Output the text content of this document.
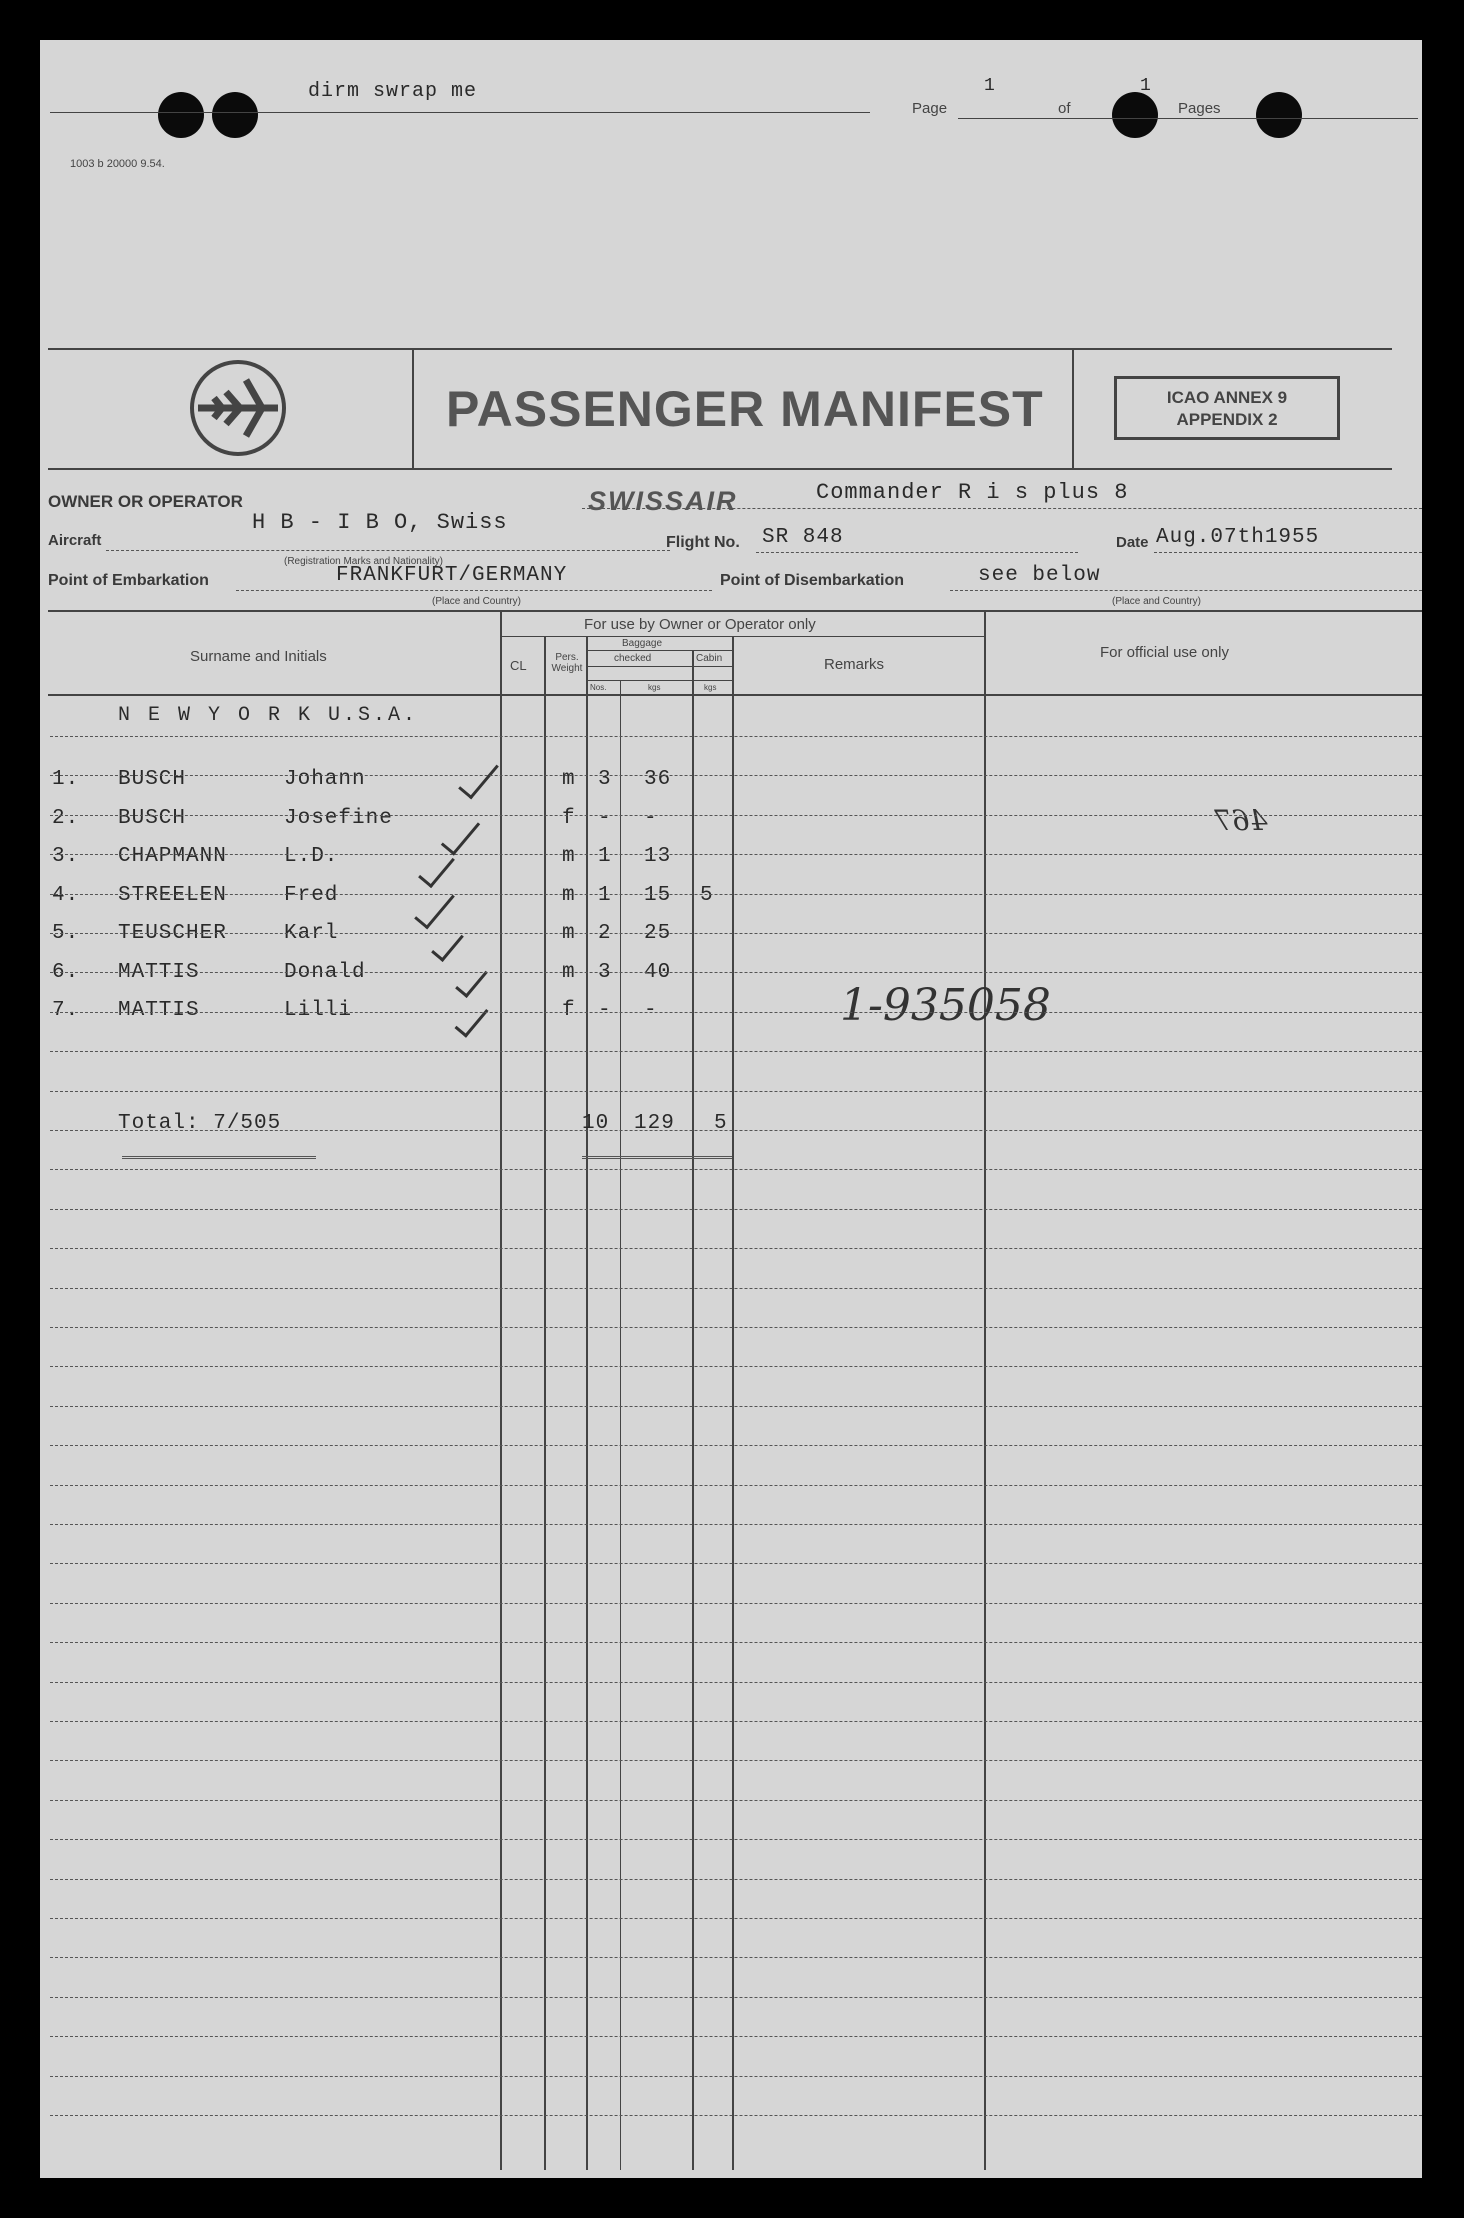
1003 b 20000 9.54.
dirm swrap me
Page
1
of
1
Pages
PASSENGER MANIFEST	ICAO ANNEX 9
APPENDIX 2
OWNER OR OPERATOR	SWISSAIR	Commander R i s plus 8
Aircraft
H B - I B O, Swiss
Flight No. SR 848	Date Aug.07th1955
(Registration Marks and Nationality)
Point of Embarkation	FRANKFURT/GERMANY
(Place and Country)
Point of Disembarkation	see below
(Place and Country)
Surname and Initials
For use by Owner or Operator only
CL
Pers. Weight
Baggage
checked	Cabin
Nos.	kgs	kgs
Remarks
For official use only
N E W Y O R K U.S.A.
1. BUSCH	Johann	m 3 36
2. BUSCH	Josefine	f - -
3. CHAPMANN	L.D.	m 1 13
4. STREELEN	Fred	m 1 15 5
5. TEUSCHER	Karl	m 2 25
6. MATTIS	Donald	m 3 40
7. MATTIS	Lilli	f - -
Total: 7/505	10 129 5
1-935058
467
